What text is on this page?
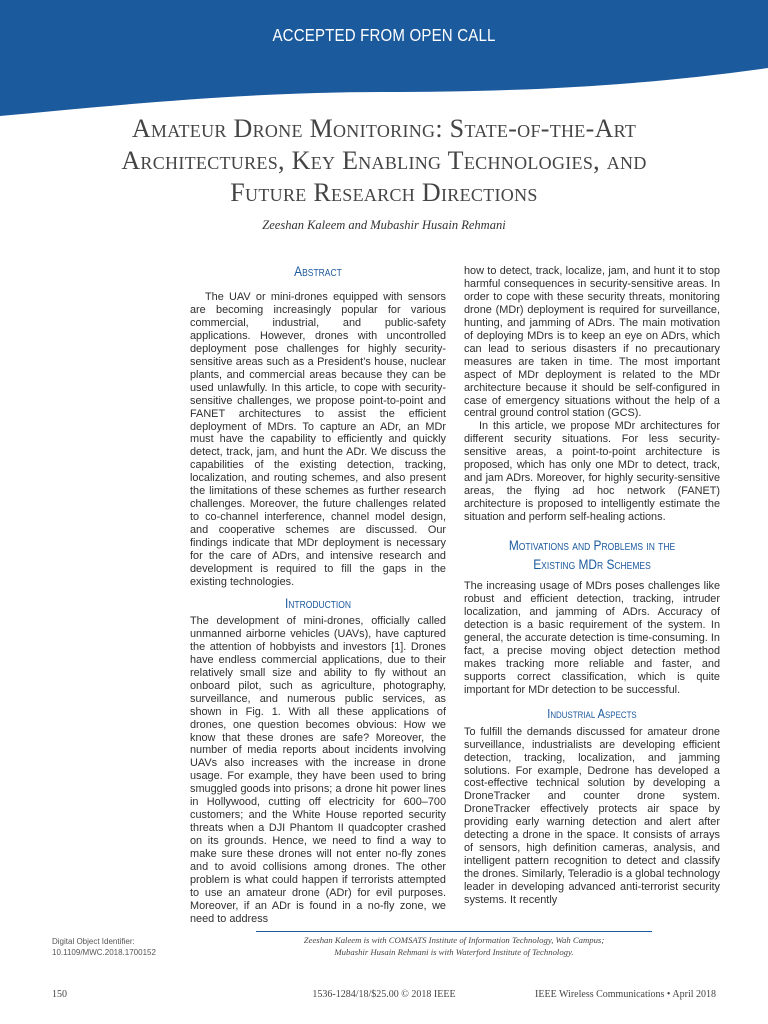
ACCEPTED FROM OPEN CALL
Amateur Drone Monitoring: State-of-the-Art
Architectures, Key Enabling Technologies, and
Future Research Directions
Zeeshan Kaleem and Mubashir Husain Rehmani
Abstract

The UAV or mini-drones equipped with sensors are becoming increasingly popular for various commercial, industrial, and public-safety applications. However, drones with uncontrolled deployment pose challenges for highly security-sensitive areas such as a President’s house, nuclear plants, and commercial areas because they can be used unlawfully. In this article, to cope with security-sensitive challenges, we propose point-to-point and FANET architectures to assist the efficient deployment of MDrs. To capture an ADr, an MDr must have the capability to efficiently and quickly detect, track, jam, and hunt the ADr. We discuss the capabilities of the existing detection, tracking, localization, and routing schemes, and also present the limitations of these schemes as further research challenges. Moreover, the future challenges related to co-channel interference, channel model design, and cooperative schemes are discussed. Our findings indicate that MDr deployment is necessary for the care of ADrs, and intensive research and development is required to fill the gaps in the existing technologies.

Introduction

The development of mini-drones, officially called unmanned airborne vehicles (UAVs), have captured the attention of hobbyists and investors [1]. Drones have endless commercial applications, due to their relatively small size and ability to fly without an onboard pilot, such as agriculture, photography, surveillance, and numerous public services, as shown in Fig. 1. With all these applications of drones, one question becomes obvious: How we know that these drones are safe? Moreover, the number of media reports about incidents involving UAVs also increases with the increase in drone usage. For example, they have been used to bring smuggled goods into prisons; a drone hit power lines in Hollywood, cutting off electricity for 600–700 customers; and the White House reported security threats when a DJI Phantom II quadcopter crashed on its grounds. Hence, we need to find a way to make sure these drones will not enter no-fly zones and to avoid collisions among drones. The other problem is what could happen if terrorists attempted to use an amateur drone (ADr) for evil purposes. Moreover, if an ADr is found in a no-fly zone, we need to address

how to detect, track, localize, jam, and hunt it to stop harmful consequences in security-sensitive areas. In order to cope with these security threats, monitoring drone (MDr) deployment is required for surveillance, hunting, and jamming of ADrs. The main motivation of deploying MDrs is to keep an eye on ADrs, which can lead to serious disasters if no precautionary measures are taken in time. The most important aspect of MDr deployment is related to the MDr architecture because it should be self-configured in case of emergency situations without the help of a central ground control station (GCS).

In this article, we propose MDr architectures for different security situations. For less security-sensitive areas, a point-to-point architecture is proposed, which has only one MDr to detect, track, and jam ADrs. Moreover, for highly security-sensitive areas, the flying ad hoc network (FANET) architecture is proposed to intelligently estimate the situation and perform self-healing actions.

Motivations and Problems in the
Existing MDr Schemes

The increasing usage of MDrs poses challenges like robust and efficient detection, tracking, intruder localization, and jamming of ADrs. Accuracy of detection is a basic requirement of the system. In general, the accurate detection is time-consuming. In fact, a precise moving object detection method makes tracking more reliable and faster, and supports correct classification, which is quite important for MDr detection to be successful.

Industrial Aspects

To fulfill the demands discussed for amateur drone surveillance, industrialists are developing efficient detection, tracking, localization, and jamming solutions. For example, Dedrone has developed a cost-effective technical solution by developing a DroneTracker and counter drone system. DroneTracker effectively protects air space by providing early warning detection and alert after detecting a drone in the space. It consists of arrays of sensors, high definition cameras, analysis, and intelligent pattern recognition to detect and classify the drones. Similarly, Teleradio is a global technology leader in developing advanced anti-terrorist security systems. It recently

Digital Object Identifier:
10.1109/MWC.2018.1700152
Zeeshan Kaleem is with COMSATS Institute of Information Technology, Wah Campus;
Mubashir Husain Rehmani is with Waterford Institute of Technology.
150	1536-1284/18/$25.00 © 2018 IEEE	IEEE Wireless Communications • April 2018
